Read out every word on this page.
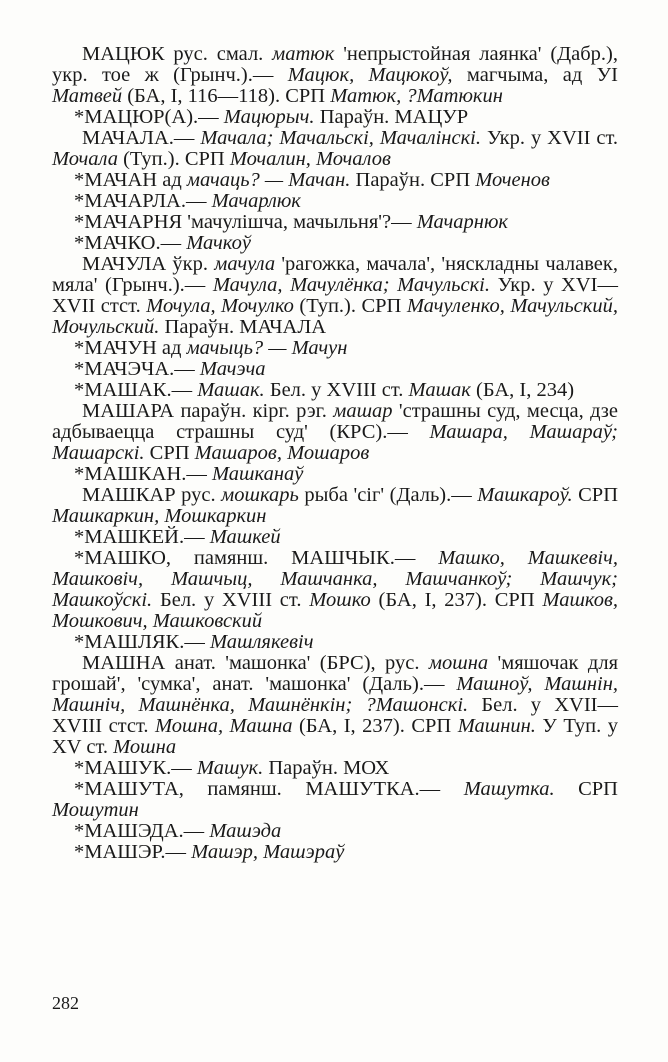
МАЦЮК рус. смал. матюк 'непрыстойная лаянка' (Дабр.), укр. тое ж (Грынч.).— Мацюк, Мацюкоў, магчыма, ад УІ Матвей (БА, І, 116—118). СРП Матюк, ?Матюкин

*МАЦЮР(А).— Мацюрыч. Параўн. МАЦУР

МАЧАЛА.— Мачала; Мачальскі, Мачалінскі. Укр. у XVII ст. Мочала (Туп.). СРП Мочалин, Мочалов

*МАЧАН ад мачаць? — Мачан. Параўн. СРП Моченов

*МАЧАРЛА.— Мачарлюк

*МАЧАРНЯ 'мачулішча, мачыльня'?— Мачарнюк

*МАЧКО.— Мачкоў

МАЧУЛА ўкр. мачула 'рагожка, мачала', 'няскладны чалавек, мяла' (Грынч.).— Мачула, Мачулёнка; Мачульскі. Укр. у XVI—XVII стст. Мочула, Мочулко (Туп.). СРП Мачуленко, Мачульский, Мочульский. Параўн. МАЧАЛА

*МАЧУН ад мачыць? — Мачун

*МАЧЭЧА.— Мачэча

*МАШАК.— Машак. Бел. у XVIII ст. Машак (БА, І, 234)

МАШАРА параўн. кірг. рэг. машар 'страшны суд, месца, дзе адбываецца страшны суд' (КРС).— Машара, Машараў; Машарскі. СРП Машаров, Мошаров

*МАШКАН.— Машканаў

МАШКАР рус. мошкарь рыба 'сіг' (Даль).— Машкароў. СРП Машкаркин, Мошкаркин

*МАШКЕЙ.— Машкей

*МАШКО, памянш. МАШЧЫК.— Машко, Машкевіч, Машковіч, Машчыц, Машчанка, Машчанкоў; Машчук; Машкоўскі. Бел. у XVIII ст. Мошко (БА, І, 237). СРП Машков, Мошкович, Машковский

*МАШЛЯК.— Машлякевіч

МАШНА анат. 'машонка' (БРС), рус. мошна 'мяшочак для грошай', 'сумка', анат. 'машонка' (Даль).— Машноў, Машнін, Машніч, Машнёнка, Машнёнкін; ?Машонскі. Бел. у XVII—XVIII стст. Мошна, Машна (БА, І, 237). СРП Машнин. У Туп. у XV ст. Мошна

*МАШУК.— Машук. Параўн. МОХ

*МАШУТА, памянш. МАШУТКА.— Машутка. СРП Мошутин

*МАШЭДА.— Машэда

*МАШЭР.— Машэр, Машэраў

282
